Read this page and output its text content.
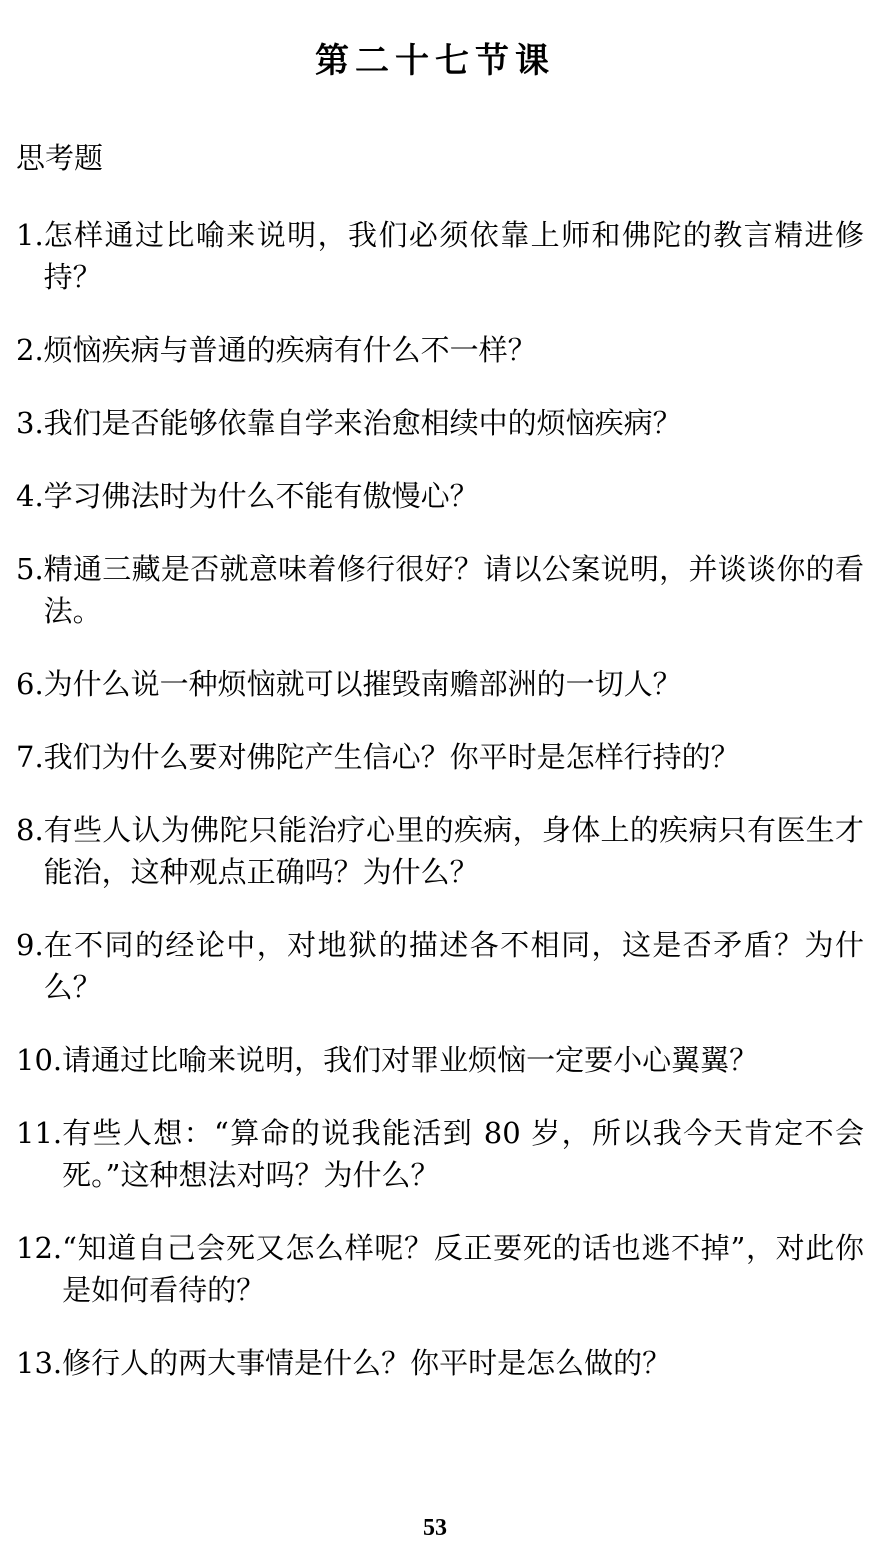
第二十七节课
思考题
1. 怎样通过比喻来说明，我们必须依靠上师和佛陀的教言精进修持？
2. 烦恼疾病与普通的疾病有什么不一样？
3. 我们是否能够依靠自学来治愈相续中的烦恼疾病？
4. 学习佛法时为什么不能有傲慢心？
5. 精通三藏是否就意味着修行很好？请以公案说明，并谈谈你的看法。
6. 为什么说一种烦恼就可以摧毁南赡部洲的一切人？
7. 我们为什么要对佛陀产生信心？你平时是怎样行持的？
8. 有些人认为佛陀只能治疗心里的疾病，身体上的疾病只有医生才能治，这种观点正确吗？为什么？
9. 在不同的经论中，对地狱的描述各不相同，这是否矛盾？为什么？
10. 请通过比喻来说明，我们对罪业烦恼一定要小心翼翼？
11. 有些人想：“算命的说我能活到 80 岁，所以我今天肯定不会死。”这种想法对吗？为什么？
12. “知道自己会死又怎么样呢？反正要死的话也逃不掉”，对此你是如何看待的？
13. 修行人的两大事情是什么？你平时是怎么做的？
53
